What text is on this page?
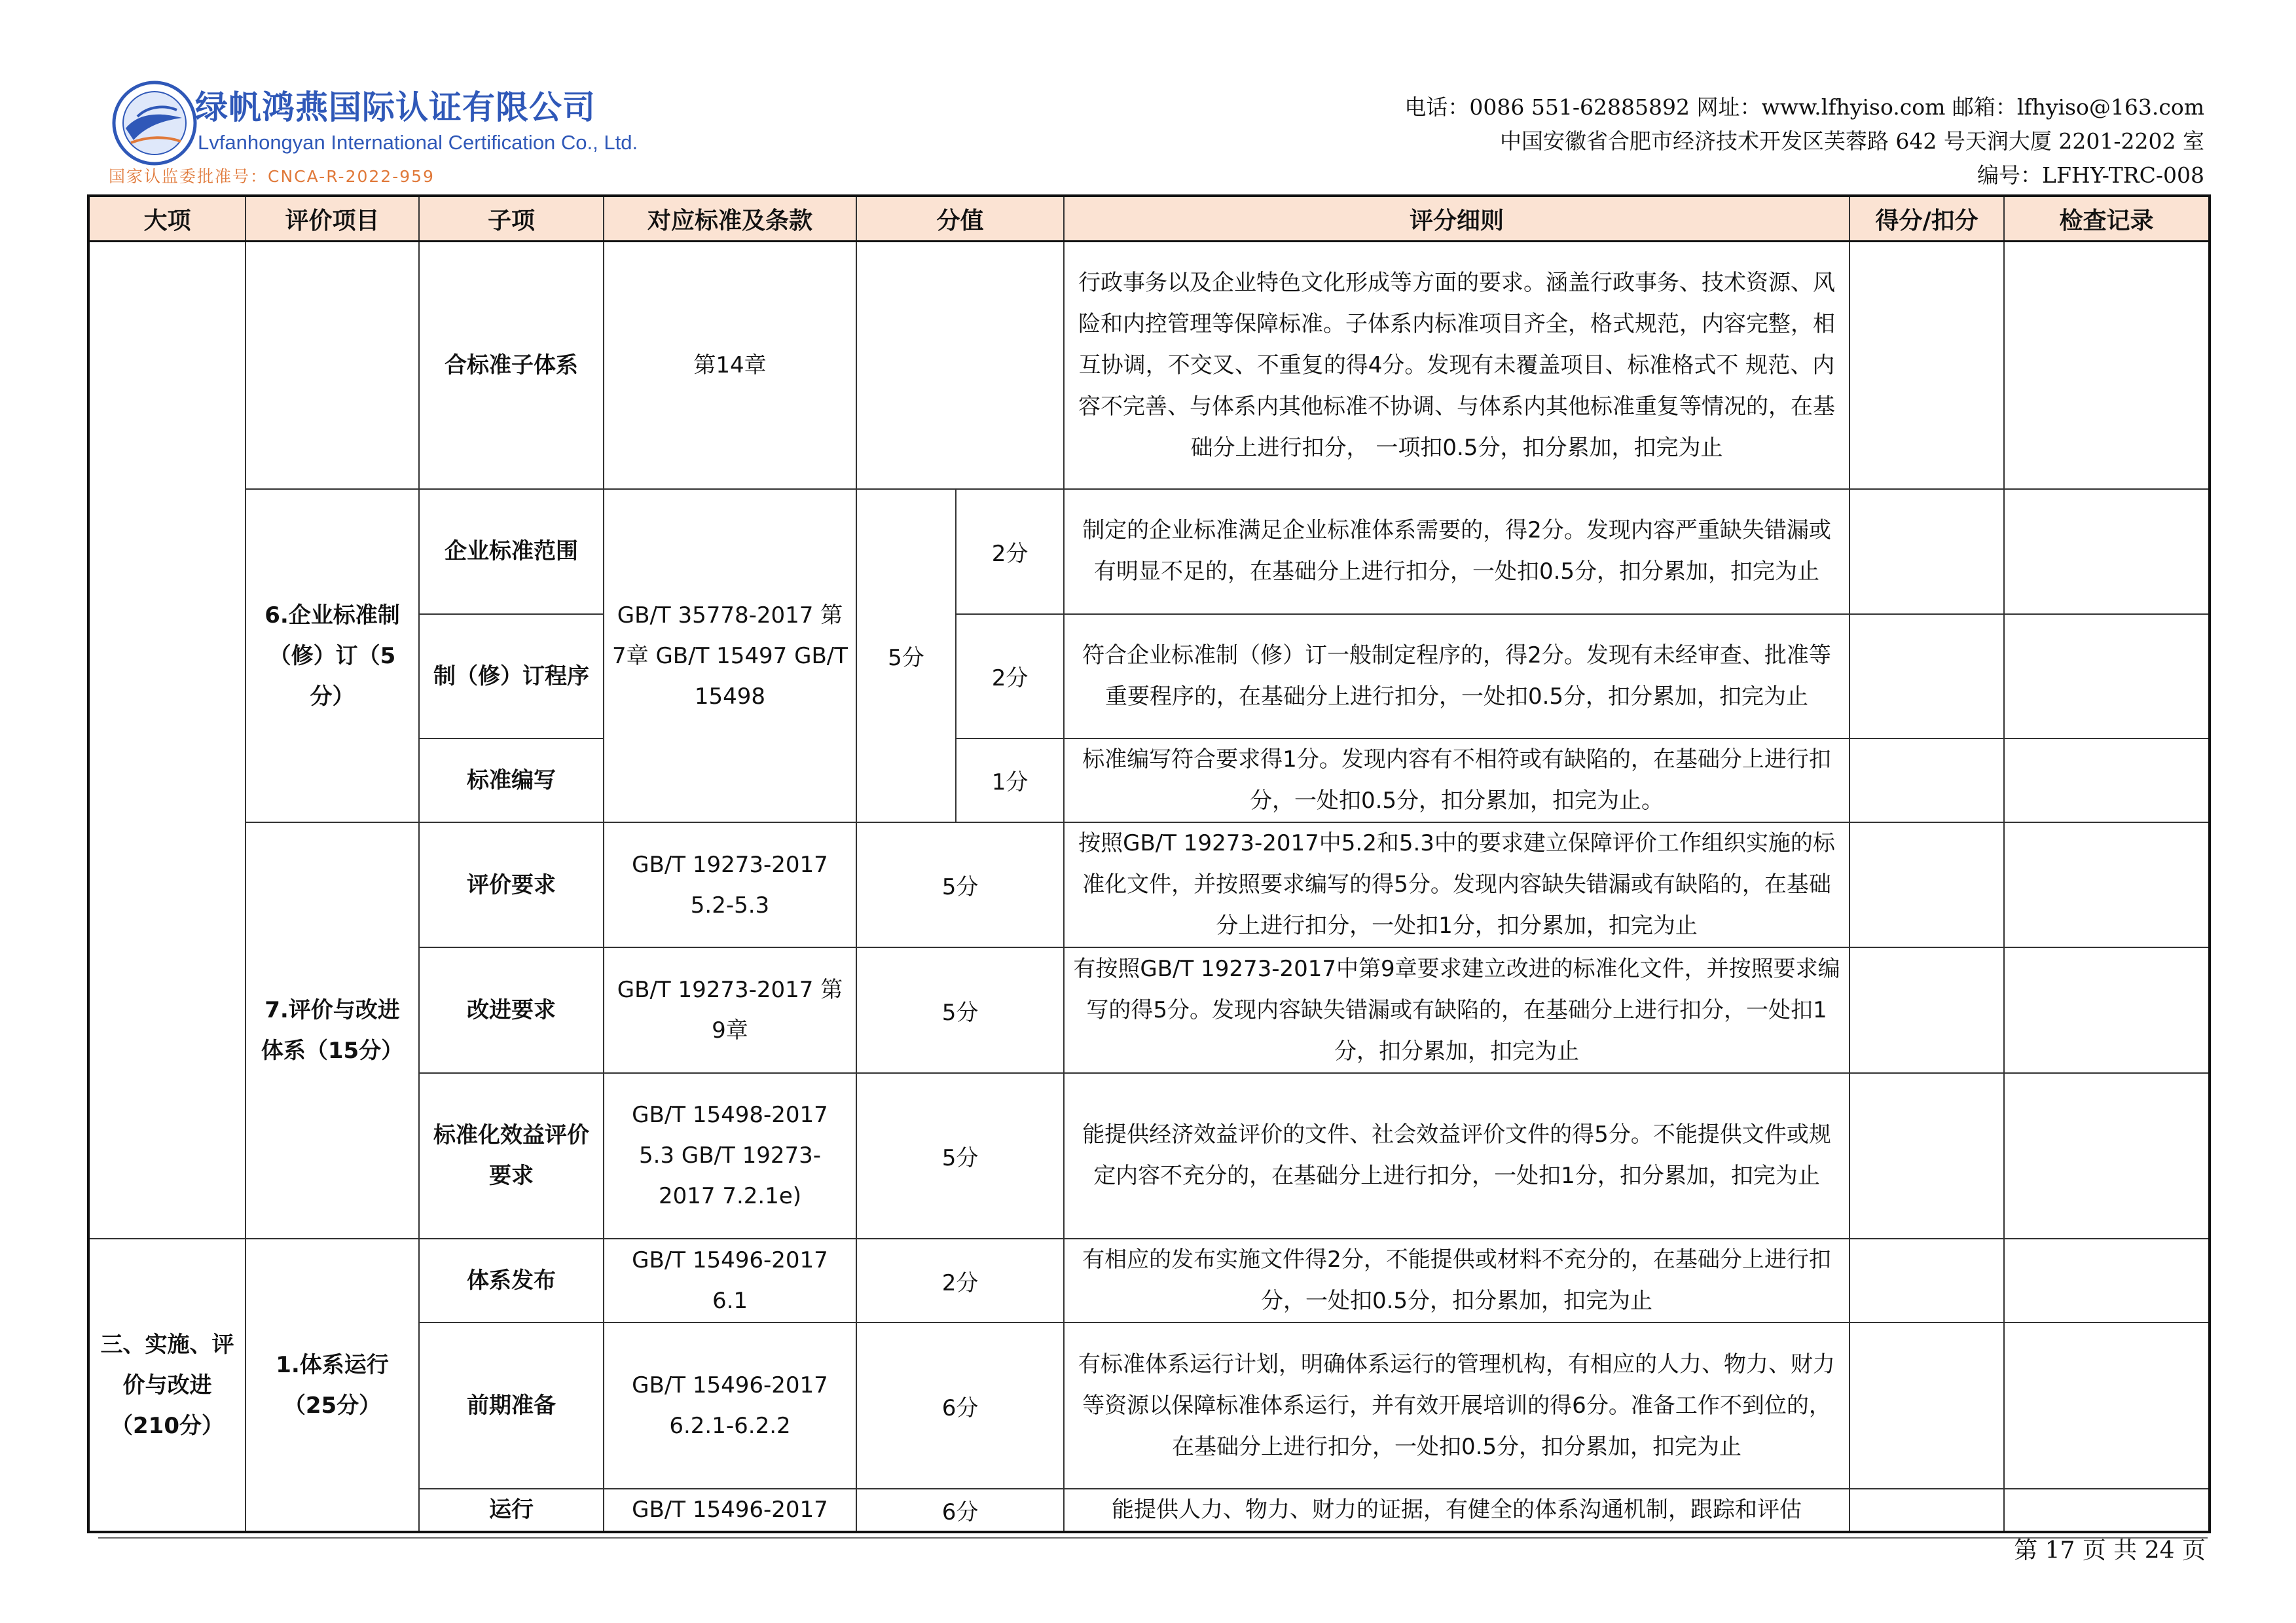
绿帆鸿燕国际认证有限公司
Lvfanhongyan International Certification Co., Ltd.
国家认监委批准号：CNCA-R-2022-959
电话：0086 551-62885892 网址：www.lfhyiso.com 邮箱：lfhyiso@163.com
中国安徽省合肥市经济技术开发区芙蓉路 642 号天润大厦 2201-2202 室
编号：LFHY-TRC-008
大项	评价项目	子项	对应标准及条款	分值		评分细则	得分/扣分	检查记录
		合标准子体系	第14章			行政事务以及企业特色文化形成等方面的要求。涵盖行政事务、技术资源、风险和内控管理等保障标准。子体系内标准项目齐全，格式规范，内容完整，相互协调，不交叉、不重复的得4分。发现有未覆盖项目、标准格式不 规范、内容不完善、与体系内其他标准不协调、与体系内其他标准重复等情况的，在基础分上进行扣分， 一项扣0.5分，扣分累加，扣完为止		
	6.企业标准制（修）订（5分）	企业标准范围	GB/T 35778-2017 第7章 GB/T 15497 GB/T 15498	5分	2分	制定的企业标准满足企业标准体系需要的，得2分。发现内容严重缺失错漏或有明显不足的，在基础分上进行扣分，一处扣0.5分，扣分累加，扣完为止		
		制（修）订程序			2分	符合企业标准制（修）订一般制定程序的，得2分。发现有未经审查、批准等重要程序的，在基础分上进行扣分，一处扣0.5分，扣分累加，扣完为止		
		标准编写			1分	标准编写符合要求得1分。发现内容有不相符或有缺陷的，在基础分上进行扣分，一处扣0.5分，扣分累加，扣完为止。		
	7.评价与改进体系（15分）	评价要求	GB/T 19273-2017 5.2-5.3	5分		按照GB/T 19273-2017中5.2和5.3中的要求建立保障评价工作组织实施的标准化文件，并按照要求编写的得5分。发现内容缺失错漏或有缺陷的，在基础分上进行扣分，一处扣1分，扣分累加，扣完为止		
		改进要求	GB/T 19273-2017 第9章	5分		有按照GB/T 19273-2017中第9章要求建立改进的标准化文件，并按照要求编写的得5分。发现内容缺失错漏或有缺陷的，在基础分上进行扣分，一处扣1分，扣分累加，扣完为止		
		标准化效益评价要求	GB/T 15498-2017 5.3 GB/T 19273-2017 7.2.1e)	5分		能提供经济效益评价的文件、社会效益评价文件的得5分。不能提供文件或规定内容不充分的，在基础分上进行扣分，一处扣1分，扣分累加，扣完为止		
三、实施、评价与改进（210分）	1.体系运行（25分）	体系发布	GB/T 15496-2017 6.1	2分		有相应的发布实施文件得2分，不能提供或材料不充分的，在基础分上进行扣分，一处扣0.5分，扣分累加，扣完为止		
		前期准备	GB/T 15496-2017 6.2.1-6.2.2	6分		有标准体系运行计划，明确体系运行的管理机构，有相应的人力、物力、财力等资源以保障标准体系运行，并有效开展培训的得6分。准备工作不到位的，在基础分上进行扣分，一处扣0.5分，扣分累加，扣完为止		
		运行	GB/T 15496-2017	6分		能提供人力、物力、财力的证据，有健全的体系沟通机制，跟踪和评估		
第 17 页 共 24 页
